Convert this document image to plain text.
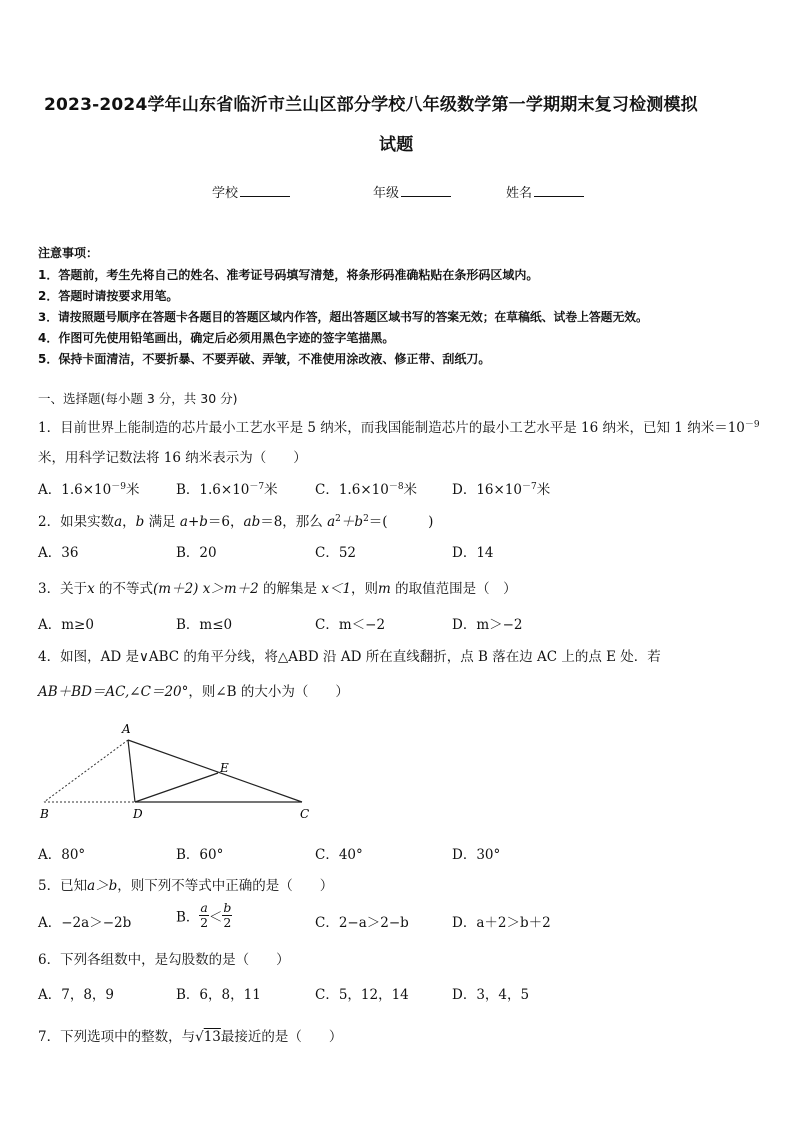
2023-2024学年山东省临沂市兰山区部分学校八年级数学第一学期期末复习检测模拟
试题
学校	年级	姓名
注意事项：
1．答题前，考生先将自己的姓名、准考证号码填写清楚，将条形码准确粘贴在条形码区域内。
2．答题时请按要求用笔。
3．请按照题号顺序在答题卡各题目的答题区域内作答，超出答题区域书写的答案无效；在草稿纸、试卷上答题无效。
4．作图可先使用铅笔画出，确定后必须用黑色字迹的签字笔描黑。
5．保持卡面清洁，不要折暴、不要弄破、弄皱，不准使用涂改液、修正带、刮纸刀。
一、选择题(每小题 3 分，共 30 分)
1．目前世界上能制造的芯片最小工艺水平是 5 纳米，而我国能制造芯片的最小工艺水平是 16 纳米，已知 1 纳米$=10^{-9}$
米，用科学记数法将 16 纳米表示为（　　）
A．$1.6\times 10^{-9}$米	B．$1.6\times 10^{-7}$米	C．$1.6\times 10^{-8}$米	D．$16\times 10^{-7}$米
2．如果实数a，b 满足 a+b＝6，ab＝8，那么 $a^2+b^2=$(　　　)
A．36	B．20	C．52	D．14
3．关于x 的不等式(m＋2) x＞m＋2 的解集是 x＜1，则m 的取值范围是（　）
A．m≥0	B．m≤0	C．m＜−2	D．m＞−2
4．如图，AD 是∨ABC 的角平分线，将△ABD 沿 AD 所在直线翻折，点 B 落在边 AC 上的点 E 处．若
AB＋BD＝AC,∠C＝20°，则∠B 的大小为（　　）
A
B	D	C
E
A．80°	B．60°	C．40°	D．30°
5．已知a＞b，则下列不等式中正确的是（　　）
A．−2a＞−2b	B． $\frac{a}{2} < \frac{b}{2}$	C．2−a＞2−b	D．a＋2＞b＋2
6．下列各组数中，是勾股数的是（　　）
A．7，8，9	B．6，8，11	C．5，12，14	D．3，4，5
7．下列选项中的整数，与√13最接近的是（　　）
